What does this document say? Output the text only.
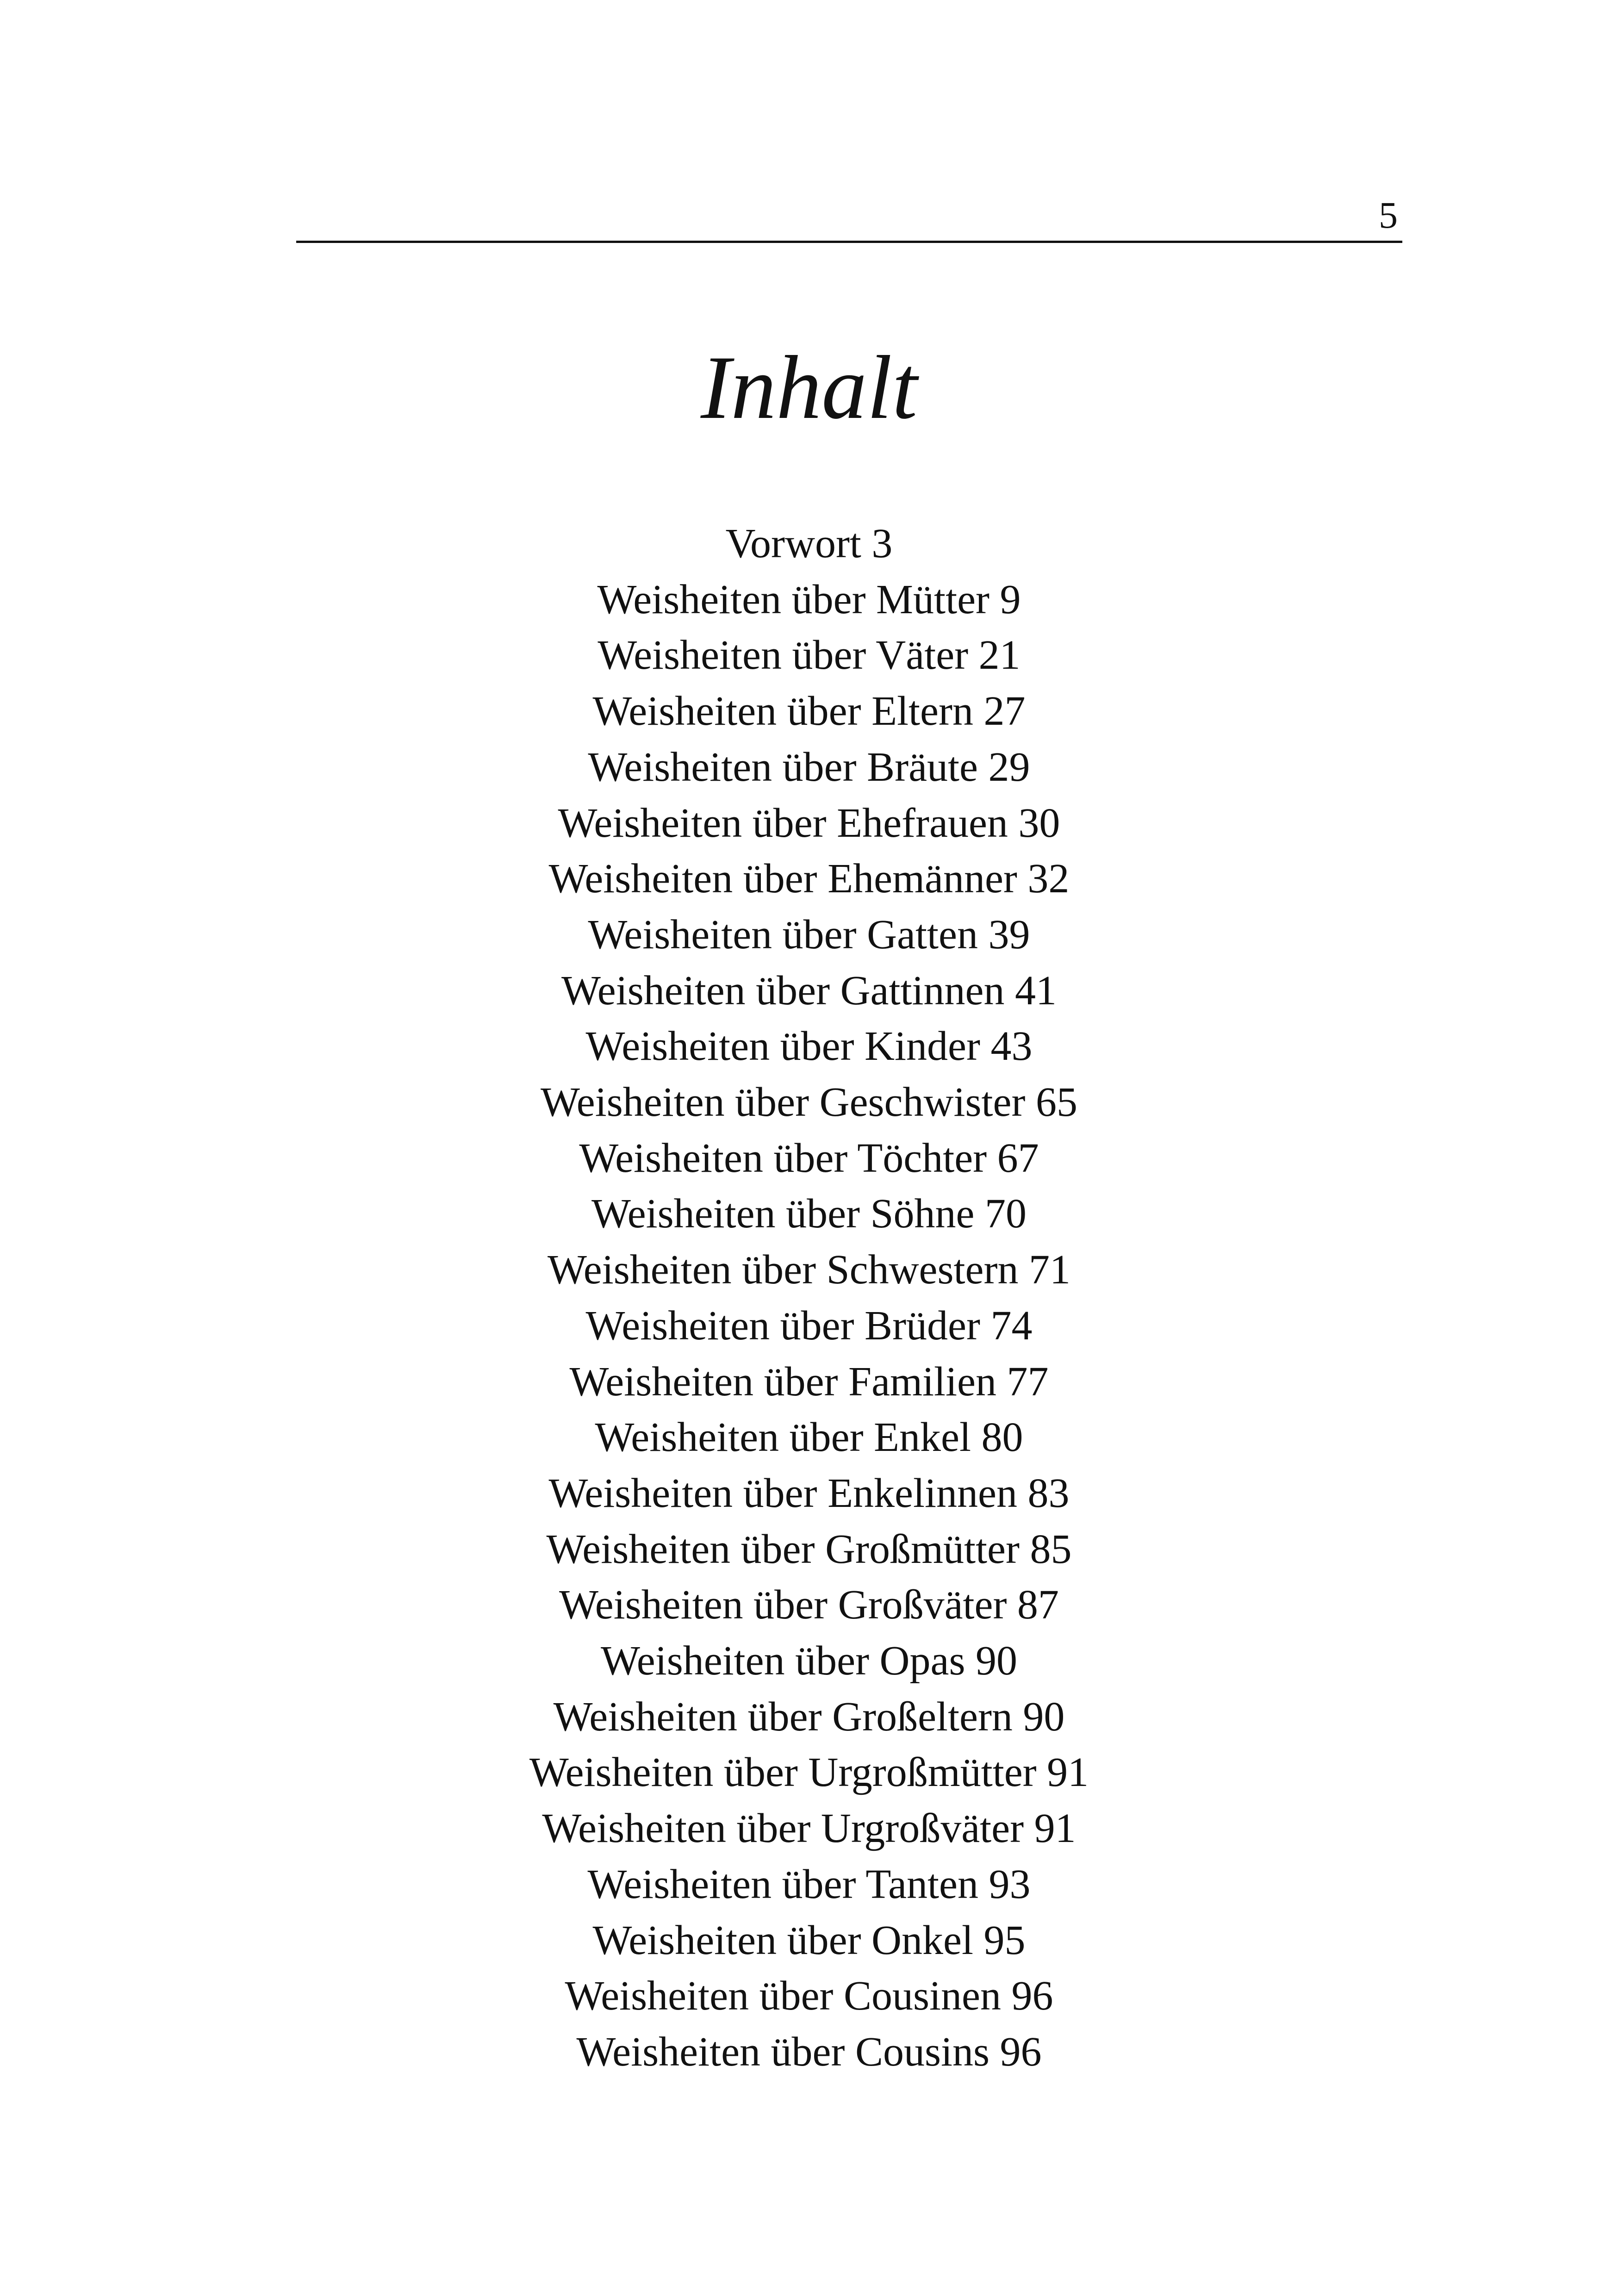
5
Inhalt
Vorwort 3
Weisheiten über Mütter 9
Weisheiten über Väter 21
Weisheiten über Eltern 27
Weisheiten über Bräute 29
Weisheiten über Ehefrauen 30
Weisheiten über Ehemänner 32
Weisheiten über Gatten 39
Weisheiten über Gattinnen 41
Weisheiten über Kinder 43
Weisheiten über Geschwister 65
Weisheiten über Töchter 67
Weisheiten über Söhne 70
Weisheiten über Schwestern 71
Weisheiten über Brüder 74
Weisheiten über Familien 77
Weisheiten über Enkel 80
Weisheiten über Enkelinnen 83
Weisheiten über Großmütter 85
Weisheiten über Großväter 87
Weisheiten über Opas 90
Weisheiten über Großeltern 90
Weisheiten über Urgroßmütter 91
Weisheiten über Urgroßväter 91
Weisheiten über Tanten 93
Weisheiten über Onkel 95
Weisheiten über Cousinen 96
Weisheiten über Cousins 96
